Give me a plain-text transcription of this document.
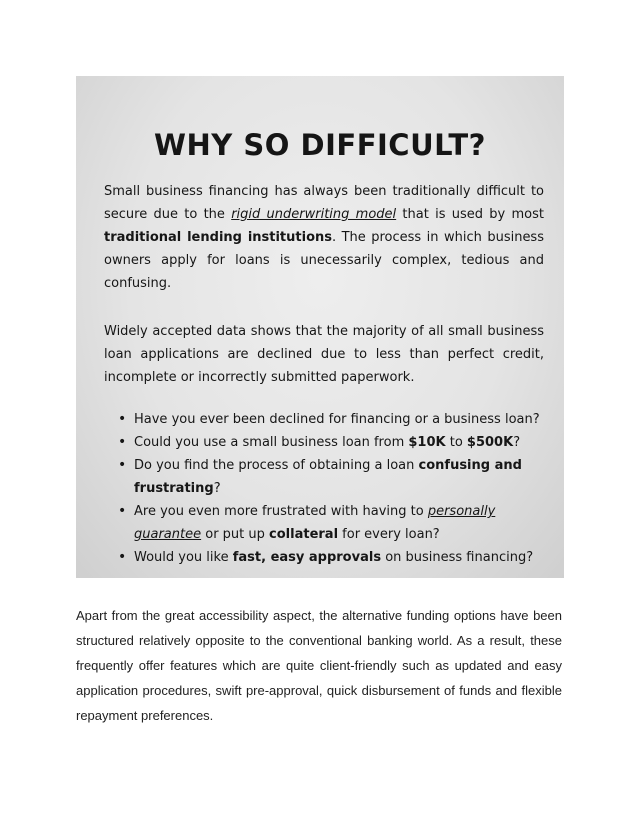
WHY SO DIFFICULT?

Small business financing has always been traditionally difficult to secure due to the rigid underwriting model that is used by most traditional lending institutions. The process in which business owners apply for loans is unecessarily complex, tedious and confusing.

Widely accepted data shows that the majority of all small business loan applications are declined due to less than perfect credit, incomplete or incorrectly submitted paperwork.

• Have you ever been declined for financing or a business loan?
• Could you use a small business loan from $10K to $500K?
• Do you find the process of obtaining a loan confusing and frustrating?
• Are you even more frustrated with having to personally guarantee or put up collateral for every loan?
• Would you like fast, easy approvals on business financing?

Apart from the great accessibility aspect, the alternative funding options have been structured relatively opposite to the conventional banking world. As a result, these frequently offer features which are quite client-friendly such as updated and easy application procedures, swift pre-approval, quick disbursement of funds and flexible repayment preferences.
